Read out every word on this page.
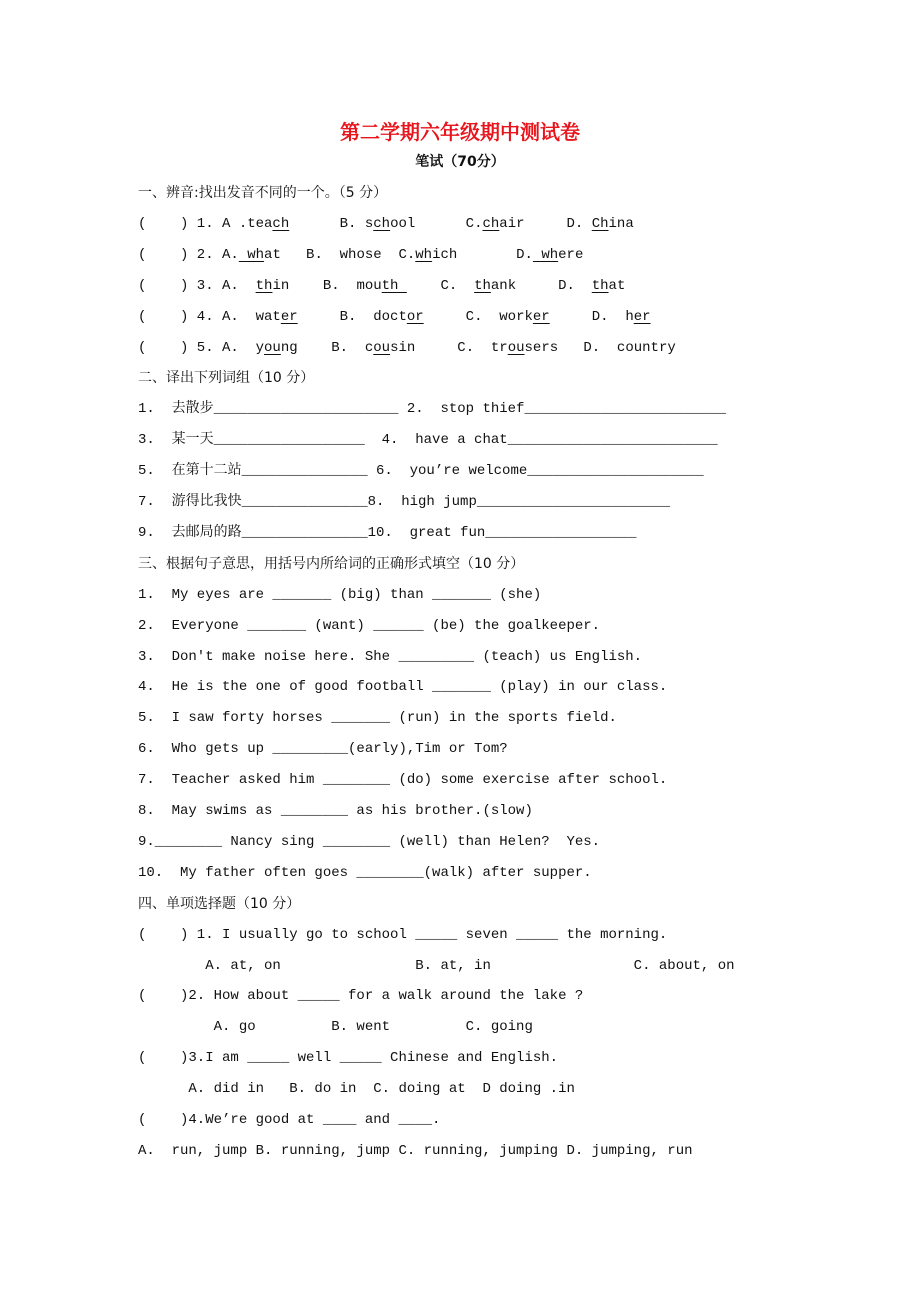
第二学期六年级期中测试卷
笔试（70分）
一、辨音:找出发音不同的一个。（5 分）
(    ) 1. A .teach      B. school      C.chair     D. China
(    ) 2. A. what   B.  whose  C.which       D. where
(    ) 3. A.  thin    B.  mouth     C.  thank     D.  that
(    ) 4. A.  water     B.  doctor     C.  worker     D.  her
(    ) 5. A.  young    B.  cousin     C.  trousers   D.  country
二、译出下列词组（10 分）
1.  去散步______________________ 2.  stop thief________________________
3.  某一天__________________  4.  have a chat_________________________
5.  在第十二站_______________ 6.  you’re welcome_____________________
7.  游得比我快_______________8.  high jump_______________________
9.  去邮局的路_______________10.  great fun__________________
三、根据句子意思，用括号内所给词的正确形式填空（10 分）
1.  My eyes are _______ (big) than _______ (she)
2.  Everyone _______ (want) ______ (be) the goalkeeper.
3.  Don't make noise here. She _________ (teach) us English.
4.  He is the one of good football _______ (play) in our class.
5.  I saw forty horses _______ (run) in the sports field.
6.  Who gets up _________(early),Tim or Tom?
7.  Teacher asked him ________ (do) some exercise after school.
8.  May swims as ________ as his brother.(slow)
9.________ Nancy sing ________ (well) than Helen?  Yes.
10.  My father often goes ________(walk) after supper.
四、单项选择题（10 分）
(    ) 1. I usually go to school _____ seven _____ the morning.
A. at, on                B. at, in                 C. about, on
(    )2. How about _____ for a walk around the lake ?
A. go         B. went         C. going
(    )3.I am _____ well _____ Chinese and English.
A. did in   B. do in  C. doing at  D doing .in
(    )4.We’re good at ____ and ____.
A.  run, jump B. running, jump C. running, jumping D. jumping, run
